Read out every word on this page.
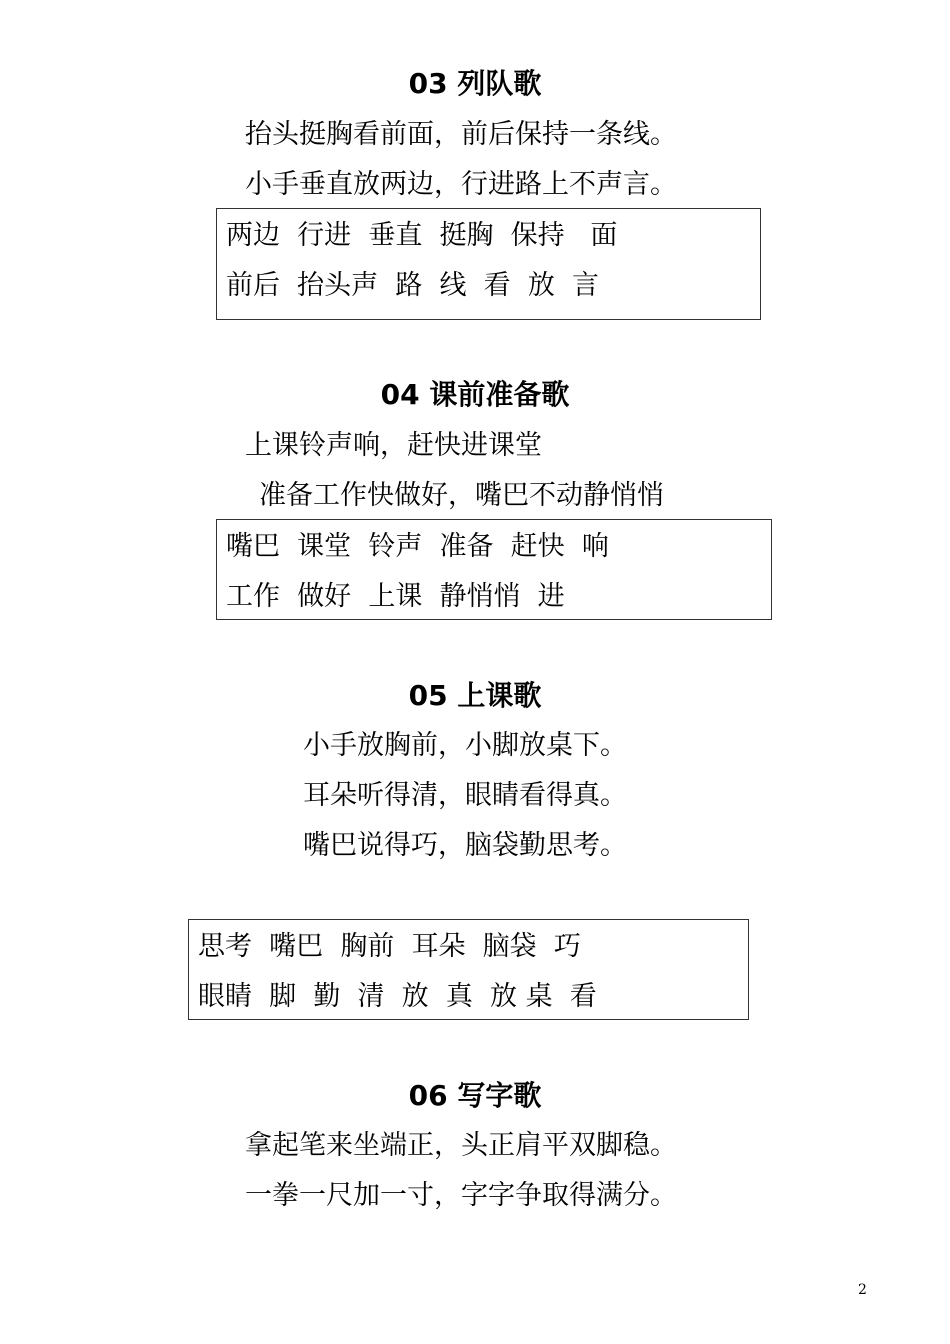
03 列队歌
抬头挺胸看前面，前后保持一条线。
小手垂直放两边，行进路上不声言。
两边  行进  垂直  挺胸  保持   面
前后  抬头声  路  线  看  放  言
04 课前准备歌
上课铃声响，赶快进课堂
准备工作快做好，嘴巴不动静悄悄
嘴巴  课堂  铃声  准备  赶快  响
工作  做好  上课  静悄悄  进
05 上课歌
小手放胸前，小脚放桌下。
耳朵听得清，眼睛看得真。
嘴巴说得巧，脑袋勤思考。
思考  嘴巴  胸前  耳朵  脑袋  巧
眼睛  脚  勤  清  放  真  放 桌  看
06 写字歌
拿起笔来坐端正，头正肩平双脚稳。
一拳一尺加一寸，字字争取得满分。
2
